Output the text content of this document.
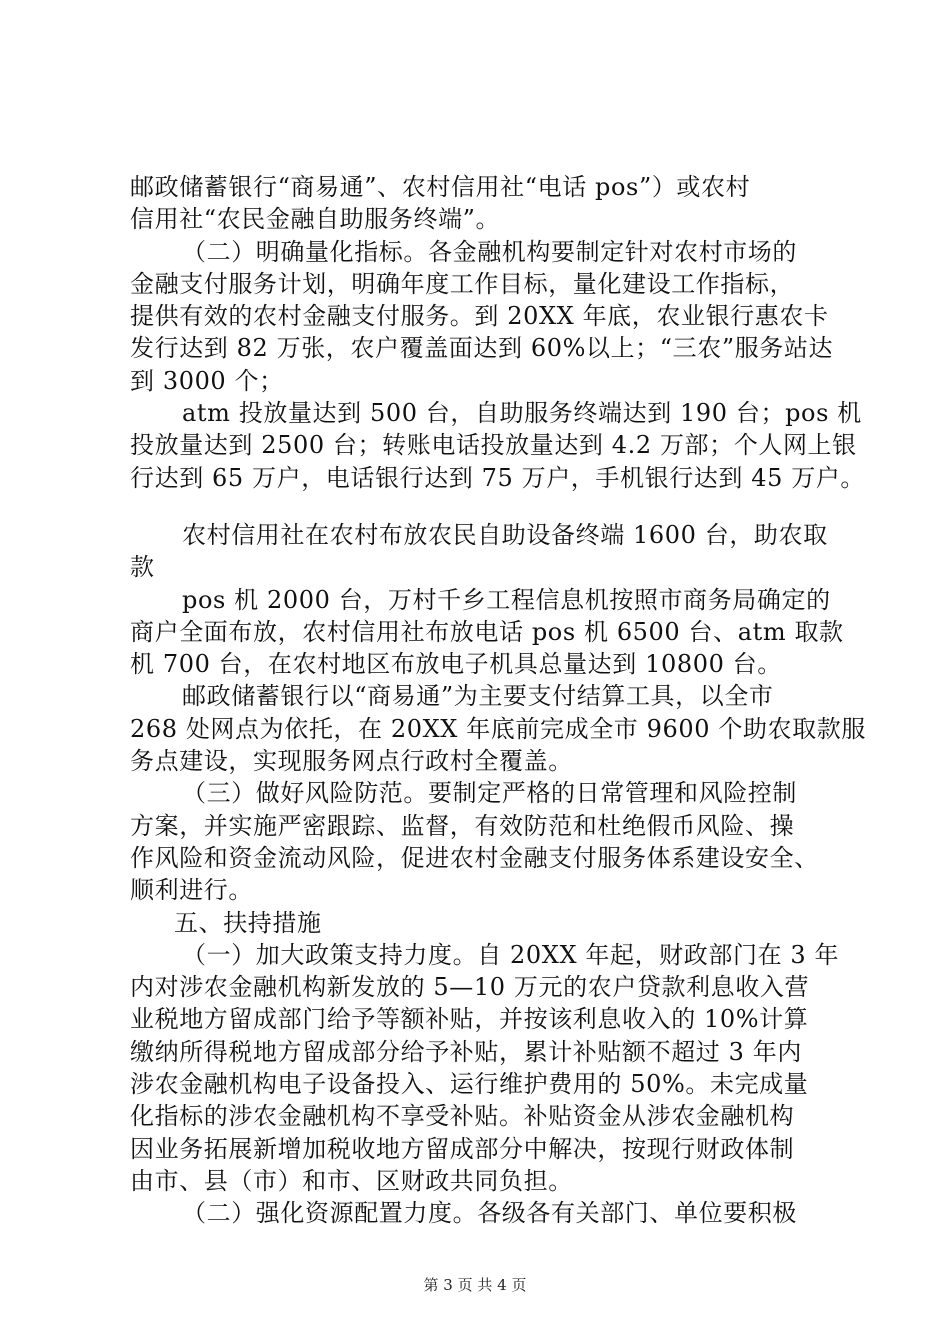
邮政储蓄银行“商易通”、农村信用社“电话 pos”）或农村
信用社“农民金融自助服务终端”。
（二）明确量化指标。各金融机构要制定针对农村市场的
金融支付服务计划，明确年度工作目标，量化建设工作指标，
提供有效的农村金融支付服务。到 20XX 年底，农业银行惠农卡
发行达到 82 万张，农户覆盖面达到 60%以上；“三农”服务站达
到 3000 个；
atm 投放量达到 500 台，自助服务终端达到 190 台；pos 机
投放量达到 2500 台；转账电话投放量达到 4.2 万部；个人网上银
行达到 65 万户，电话银行达到 75 万户，手机银行达到 45 万户。
农村信用社在农村布放农民自助设备终端 1600 台，助农取
款
pos 机 2000 台，万村千乡工程信息机按照市商务局确定的
商户全面布放，农村信用社布放电话 pos 机 6500 台、atm 取款
机 700 台，在农村地区布放电子机具总量达到 10800 台。
邮政储蓄银行以“商易通”为主要支付结算工具，以全市
268 处网点为依托，在 20XX 年底前完成全市 9600 个助农取款服
务点建设，实现服务网点行政村全覆盖。
（三）做好风险防范。要制定严格的日常管理和风险控制
方案，并实施严密跟踪、监督，有效防范和杜绝假币风险、操
作风险和资金流动风险，促进农村金融支付服务体系建设安全、
顺利进行。
五、扶持措施
（一）加大政策支持力度。自 20XX 年起，财政部门在 3 年
内对涉农金融机构新发放的 5—10 万元的农户贷款利息收入营
业税地方留成部门给予等额补贴，并按该利息收入的 10%计算
缴纳所得税地方留成部分给予补贴，累计补贴额不超过 3 年内
涉农金融机构电子设备投入、运行维护费用的 50%。未完成量
化指标的涉农金融机构不享受补贴。补贴资金从涉农金融机构
因业务拓展新增加税收地方留成部分中解决，按现行财政体制
由市、县（市）和市、区财政共同负担。
（二）强化资源配置力度。各级各有关部门、单位要积极
第 3 页 共 4 页
